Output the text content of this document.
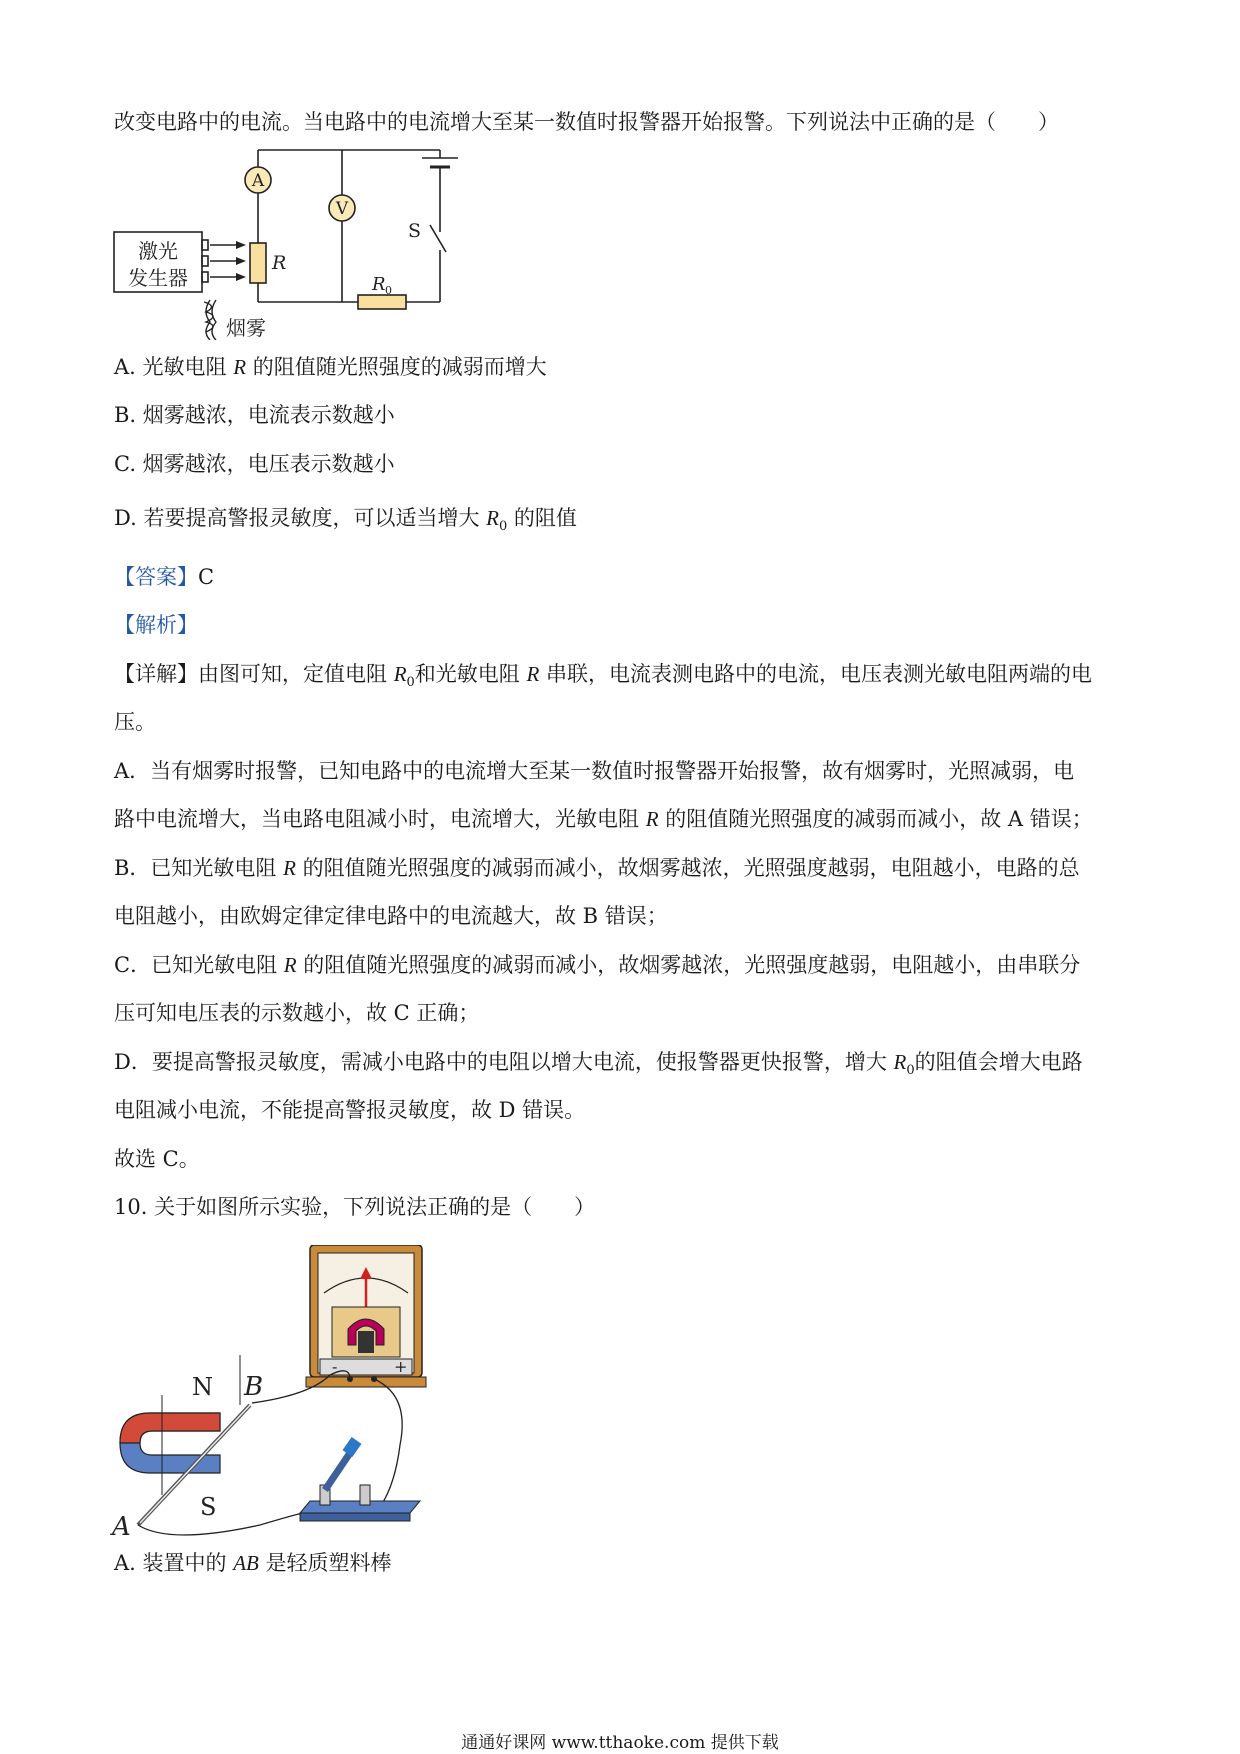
改变电路中的电流。当电路中的电流增大至某一数值时报警器开始报警。下列说法中正确的是（　　）
A
V
S
R
R 0
激光
发生器
烟雾
A. 光敏电阻 R 的阻值随光照强度的减弱而增大
B. 烟雾越浓，电流表示数越小
C. 烟雾越浓，电压表示数越小
D. 若要提高警报灵敏度，可以适当增大 $R_0$ 的阻值
【答案】C
【解析】
【详解】由图可知，定值电阻 $R_0$和光敏电阻 R 串联，电流表测电路中的电流，电压表测光敏电阻两端的电
压。
A．当有烟雾时报警，已知电路中的电流增大至某一数值时报警器开始报警，故有烟雾时，光照减弱，电
路中电流增大，当电路电阻减小时，电流增大，光敏电阻 R 的阻值随光照强度的减弱而减小，故 A 错误；
B．已知光敏电阻 R 的阻值随光照强度的减弱而减小，故烟雾越浓，光照强度越弱，电阻越小，电路的总
电阻越小，由欧姆定律定律电路中的电流越大，故 B 错误；
C．已知光敏电阻 R 的阻值随光照强度的减弱而减小，故烟雾越浓，光照强度越弱，电阻越小，由串联分
压可知电压表的示数越小，故 C 正确；
D．要提高警报灵敏度，需减小电路中的电阻以增大电流，使报警器更快报警，增大 $R_0$的阻值会增大电路
电阻减小电流，不能提高警报灵敏度，故 D 错误。
故选 C。
10. 关于如图所示实验，下列说法正确的是（　　）
-	+
N
S
A
B
A. 装置中的 AB 是轻质塑料棒
通通好课网 www.tthaoke.com 提供下载
